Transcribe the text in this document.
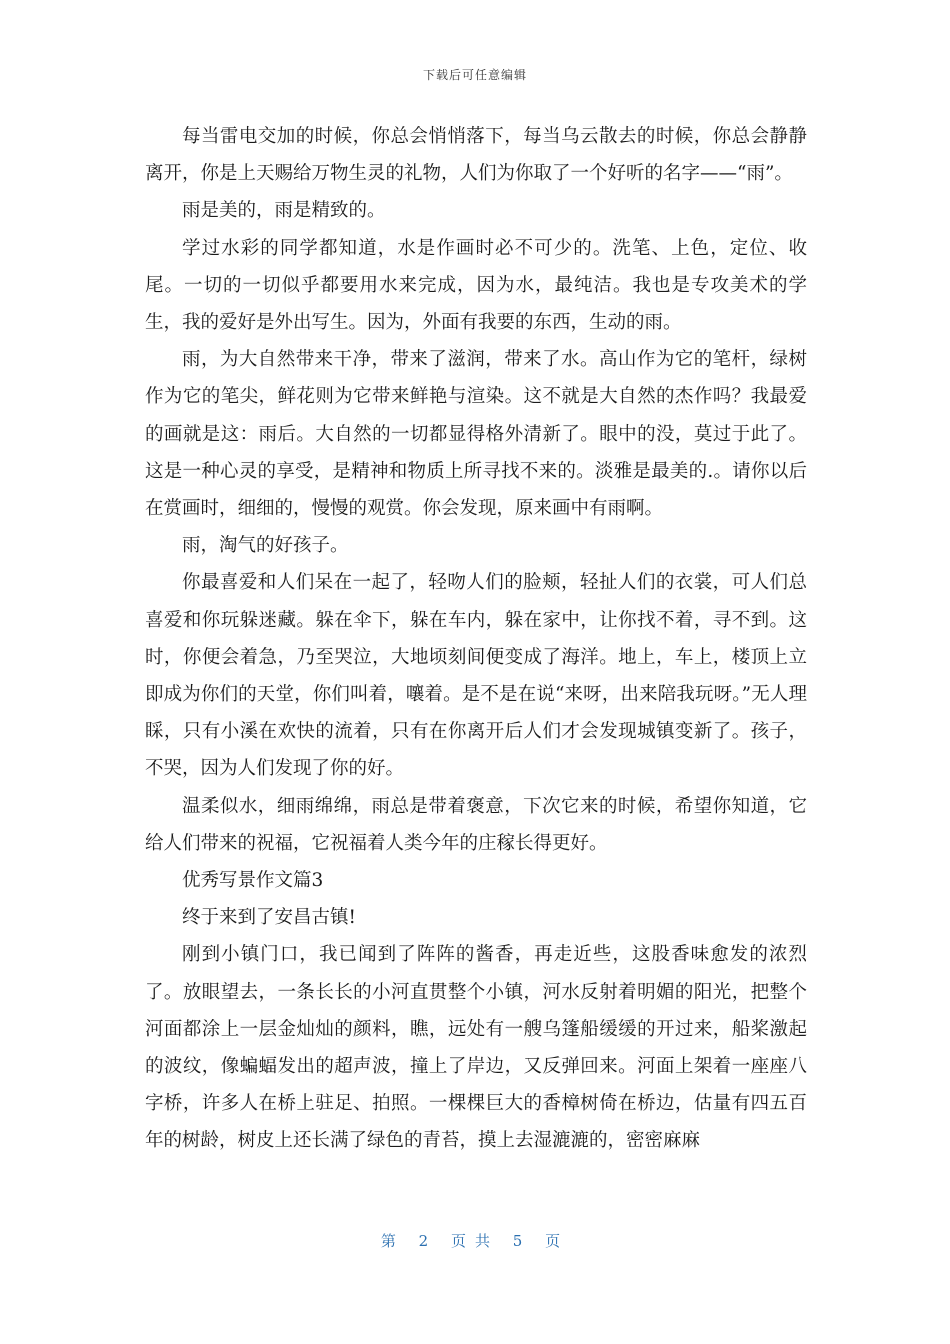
下载后可任意编辑

每当雷电交加的时候，你总会悄悄落下，每当乌云散去的时候，你总会静静离开，你是上天赐给万物生灵的礼物，人们为你取了一个好听的名字——“雨”。

雨是美的，雨是精致的。

学过水彩的同学都知道，水是作画时必不可少的。洗笔、上色，定位、收尾。一切的一切似乎都要用水来完成，因为水，最纯洁。我也是专攻美术的学生，我的爱好是外出写生。因为，外面有我要的东西，生动的雨。

雨，为大自然带来干净，带来了滋润，带来了水。高山作为它的笔杆，绿树作为它的笔尖，鲜花则为它带来鲜艳与渲染。这不就是大自然的杰作吗？我最爱的画就是这：雨后。大自然的一切都显得格外清新了。眼中的没，莫过于此了。这是一种心灵的享受，是精神和物质上所寻找不来的。淡雅是最美的.。请你以后在赏画时，细细的，慢慢的观赏。你会发现，原来画中有雨啊。

雨，淘气的好孩子。

你最喜爱和人们呆在一起了，轻吻人们的脸颊，轻扯人们的衣裳，可人们总喜爱和你玩躲迷藏。躲在伞下，躲在车内，躲在家中，让你找不着，寻不到。这时，你便会着急，乃至哭泣，大地顷刻间便变成了海洋。地上，车上，楼顶上立即成为你们的天堂，你们叫着，嚷着。是不是在说“来呀，出来陪我玩呀。”无人理睬，只有小溪在欢快的流着，只有在你离开后人们才会发现城镇变新了。孩子，不哭，因为人们发现了你的好。

温柔似水，细雨绵绵，雨总是带着褒意，下次它来的时候，希望你知道，它给人们带来的祝福，它祝福着人类今年的庄稼长得更好。

优秀写景作文篇3

终于来到了安昌古镇!

刚到小镇门口，我已闻到了阵阵的酱香，再走近些，这股香味愈发的浓烈了。放眼望去，一条长长的小河直贯整个小镇，河水反射着明媚的阳光，把整个河面都涂上一层金灿灿的颜料，瞧，远处有一艘乌篷船缓缓的开过来，船桨激起的波纹，像蝙蝠发出的超声波，撞上了岸边，又反弹回来。河面上架着一座座八字桥，许多人在桥上驻足、拍照。一棵棵巨大的香樟树倚在桥边，估量有四五百年的树龄，树皮上还长满了绿色的青苔，摸上去湿漉漉的，密密麻麻

第 2 页共 5 页
